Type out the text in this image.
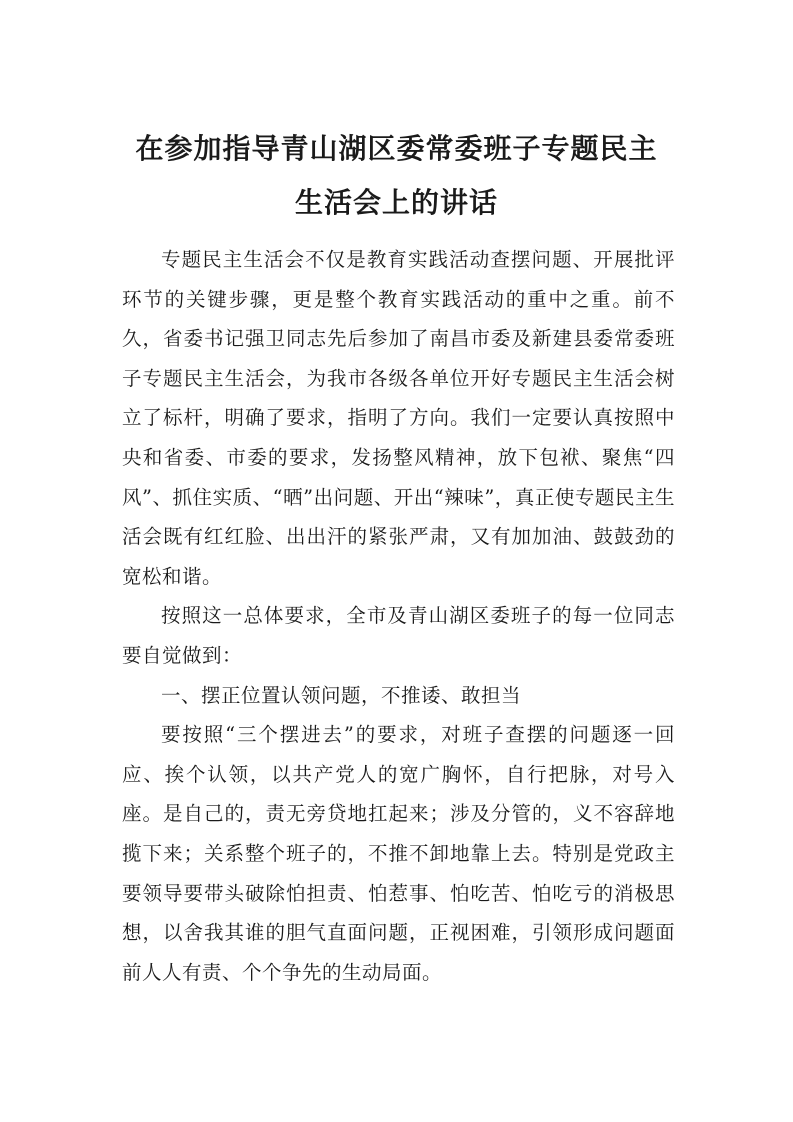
在参加指导青山湖区委常委班子专题民主
生活会上的讲话

专题民主生活会不仅是教育实践活动查摆问题、开展批评环节的关键步骤，更是整个教育实践活动的重中之重。前不久，省委书记强卫同志先后参加了南昌市委及新建县委常委班子专题民主生活会，为我市各级各单位开好专题民主生活会树立了标杆，明确了要求，指明了方向。我们一定要认真按照中央和省委、市委的要求，发扬整风精神，放下包袱、聚焦“四风”、抓住实质、“晒”出问题、开出“辣味”，真正使专题民主生活会既有红红脸、出出汗的紧张严肃，又有加加油、鼓鼓劲的宽松和谐。

按照这一总体要求，全市及青山湖区委班子的每一位同志要自觉做到：

一、摆正位置认领问题，不推诿、敢担当

要按照“三个摆进去”的要求，对班子查摆的问题逐一回应、挨个认领，以共产党人的宽广胸怀，自行把脉，对号入座。是自己的，责无旁贷地扛起来；涉及分管的，义不容辞地揽下来；关系整个班子的，不推不卸地靠上去。特别是党政主要领导要带头破除怕担责、怕惹事、怕吃苦、怕吃亏的消极思想，以舍我其谁的胆气直面问题，正视困难，引领形成问题面前人人有责、个个争先的生动局面。
